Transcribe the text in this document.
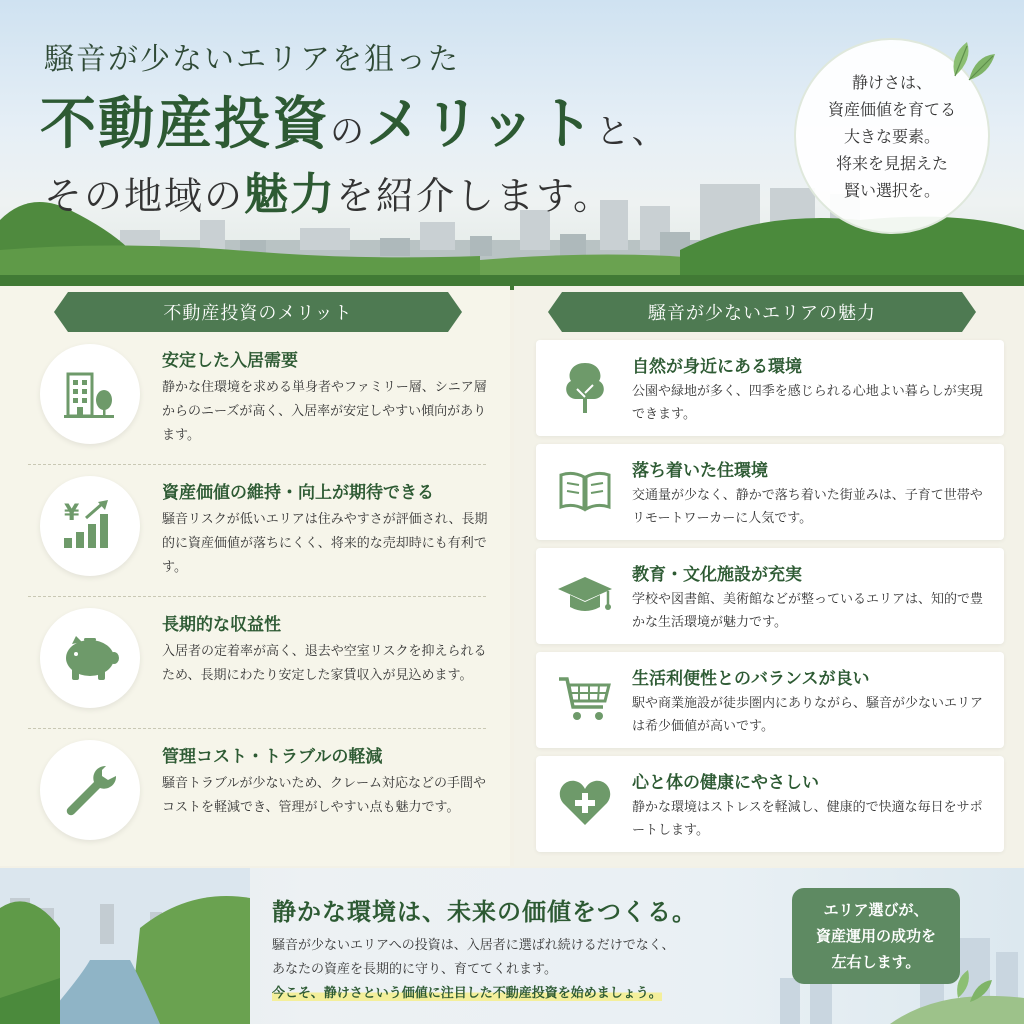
騒音が少ないエリアを狙った
不動産投資のメリットと、
その地域の魅力を紹介します。
静けさは、
資産価値を育てる
大きな要素。
将来を見据えた
賢い選択を。
不動産投資のメリット
安定した入居需要

静かな住環境を求める単身者やファミリー層、シニア層からのニーズが高く、入居率が安定しやすい傾向があります。

¥
資産価値の維持・向上が期待できる

騒音リスクが低いエリアは住みやすさが評価され、長期的に資産価値が落ちにくく、将来的な売却時にも有利です。

長期的な収益性

入居者の定着率が高く、退去や空室リスクを抑えられるため、長期にわたり安定した家賃収入が見込めます。

管理コスト・トラブルの軽減

騒音トラブルが少ないため、クレーム対応などの手間やコストを軽減でき、管理がしやすい点も魅力です。

騒音が少ないエリアの魅力
自然が身近にある環境

公園や緑地が多く、四季を感じられる心地よい暮らしが実現できます。

落ち着いた住環境

交通量が少なく、静かで落ち着いた街並みは、子育て世帯やリモートワーカーに人気です。

教育・文化施設が充実

学校や図書館、美術館などが整っているエリアは、知的で豊かな生活環境が魅力です。

生活利便性とのバランスが良い

駅や商業施設が徒歩圏内にありながら、騒音が少ないエリアは希少価値が高いです。

心と体の健康にやさしい

静かな環境はストレスを軽減し、健康的で快適な毎日をサポートします。

静かな環境は、未来の価値をつくる。
騒音が少ないエリアへの投資は、入居者に選ばれ続けるだけでなく、
あなたの資産を長期的に守り、育ててくれます。
今こそ、静けさという価値に注目した不動産投資を始めましょう。
エリア選びが、
資産運用の成功を
左右します。
